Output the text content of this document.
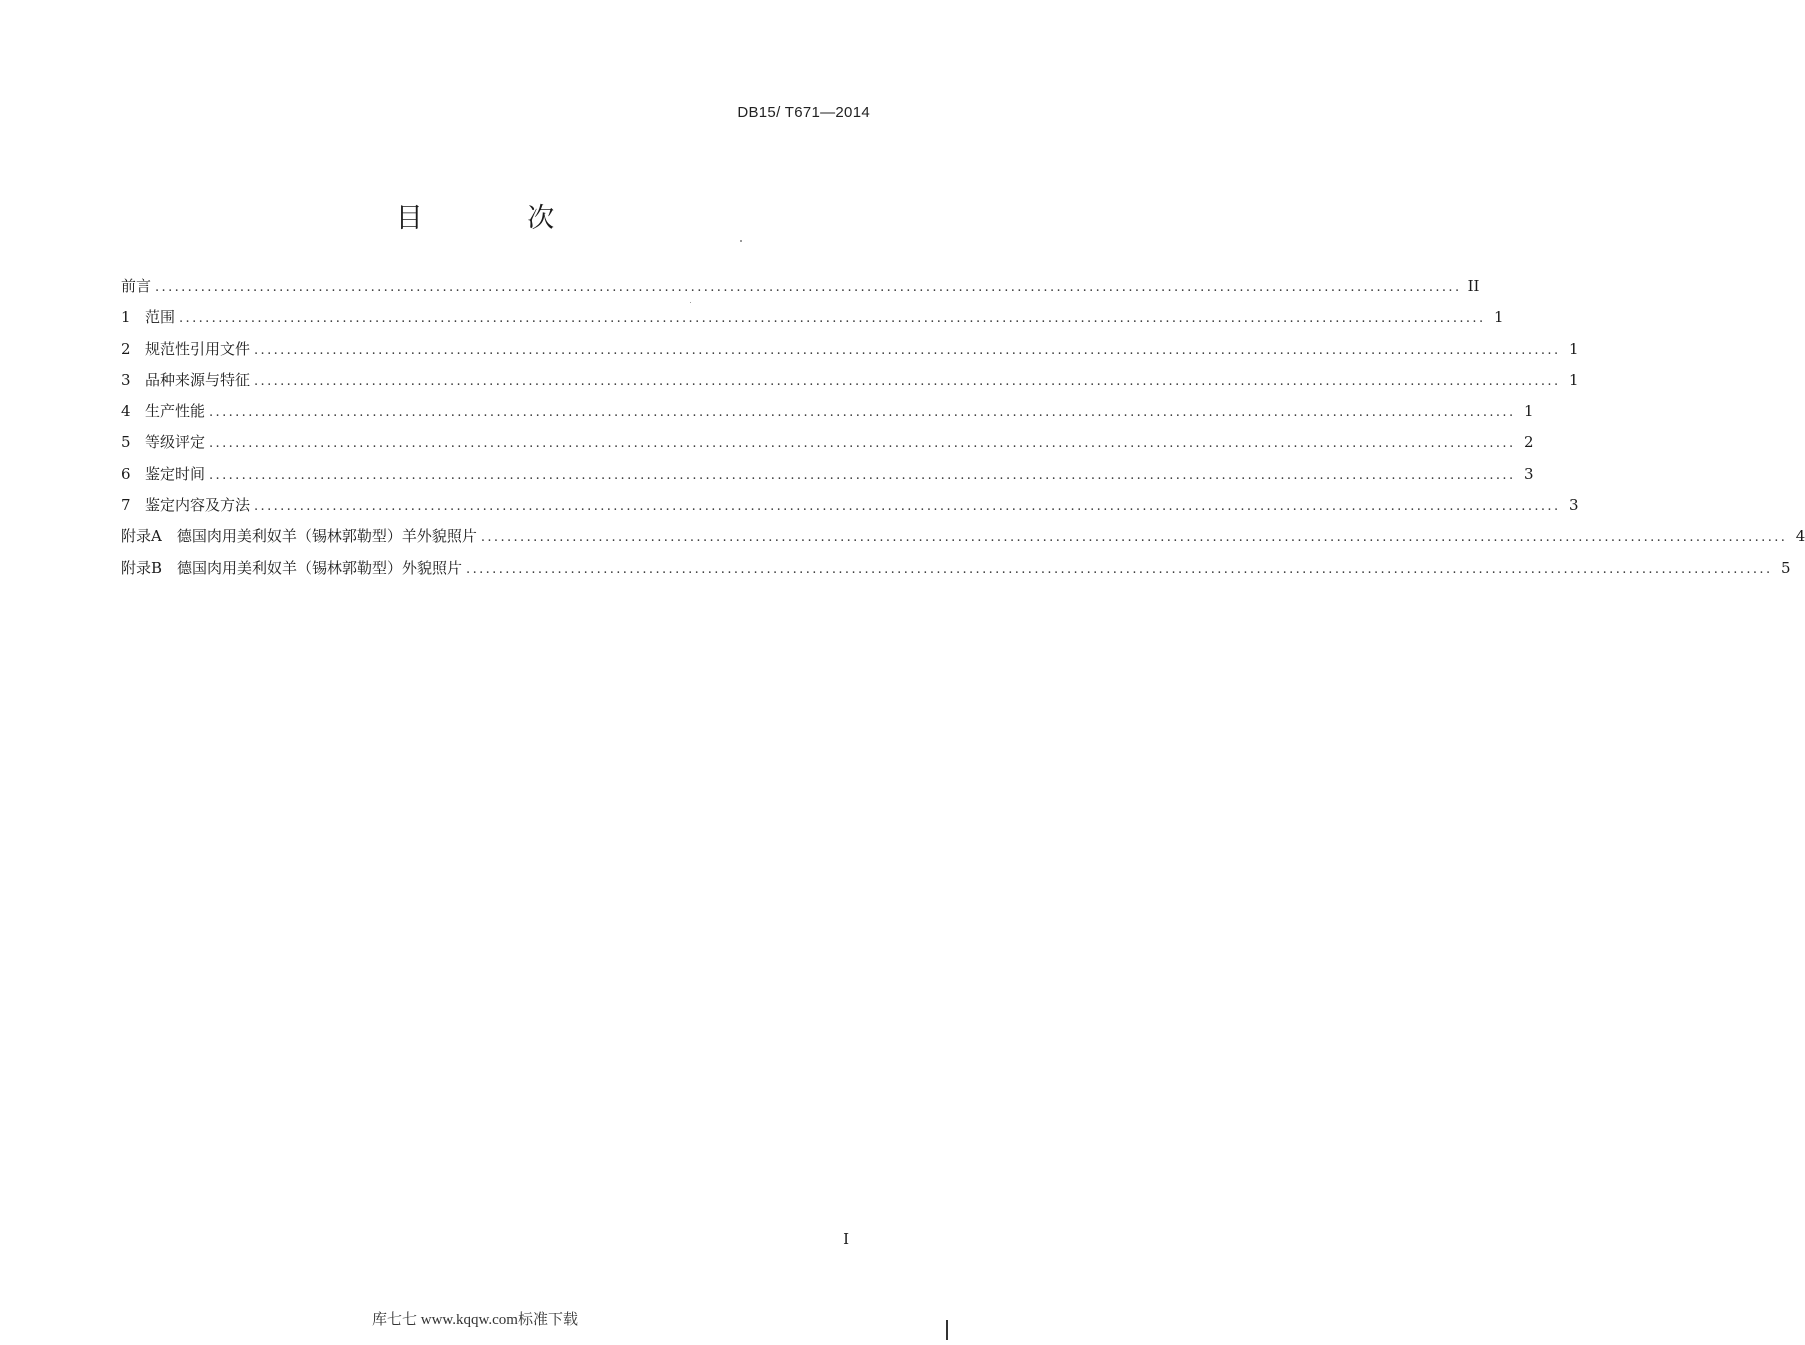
DB15/ T671—2014
目 次
前言 ........................................................................................................................................................................................................ II
1 范围 ........................................................................................................................................................................................................ 1
2 规范性引用文件 ........................................................................................................................................................................................................ 1
3 品种来源与特征 ........................................................................................................................................................................................................ 1
4 生产性能 ........................................................................................................................................................................................................ 1
5 等级评定 ........................................................................................................................................................................................................ 2
6 鉴定时间 ........................................................................................................................................................................................................ 3
7 鉴定内容及方法 ........................................................................................................................................................................................................ 3
附录A　德国肉用美利奴羊（锡林郭勒型）羊外貌照片 ........................................................................................................................................................................................................ 4
附录B　德国肉用美利奴羊（锡林郭勒型）外貌照片 ........................................................................................................................................................................................................ 5
I
库七七 www.kqqw.com标准下载
